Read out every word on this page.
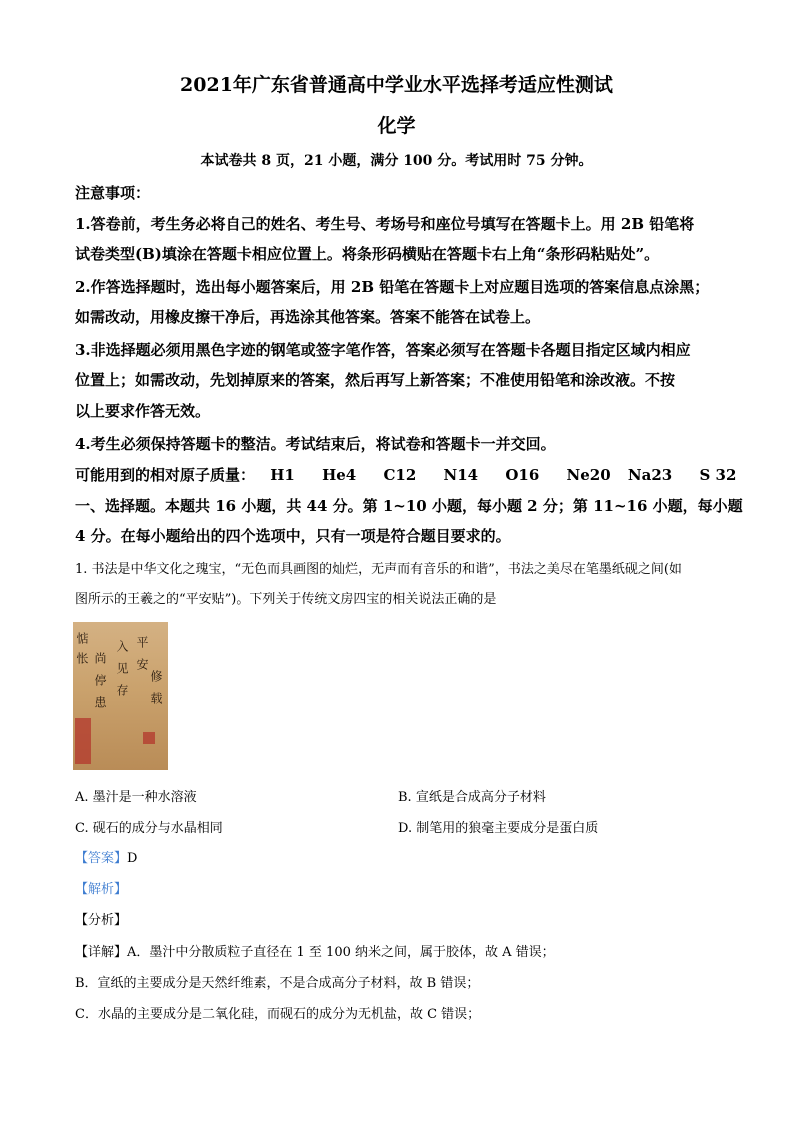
2021年广东省普通高中学业水平选择考适应性测试
化学
本试卷共 8 页，21 小题，满分 100 分。考试用时 75 分钟。
注意事项：
1.答卷前，考生务必将自己的姓名、考生号、考场号和座位号填写在答题卡上。用 2B 铅笔将
试卷类型(B)填涂在答题卡相应位置上。将条形码横贴在答题卡右上角“条形码粘贴处”。
2.作答选择题时，选出每小题答案后，用 2B 铅笔在答题卡上对应题目选项的答案信息点涂黑；
如需改动，用橡皮擦干净后，再选涂其他答案。答案不能答在试卷上。
3.非选择题必须用黑色字迹的钢笔或签字笔作答，答案必须写在答题卡各题目指定区域内相应
位置上；如需改动，先划掉原来的答案，然后再写上新答案；不准使用铅笔和涂改液。不按
以上要求作答无效。
4.考生必须保持答题卡的整洁。考试结束后，将试卷和答题卡一并交回。
可能用到的相对原子质量： H1 He4 C12 N14 O16 Ne20 Na23 S 32
一、选择题。本题共 16 小题，共 44 分。第 1~10 小题，每小题 2 分；第 11~16 小题，每小题
4 分。在每小题给出的四个选项中，只有一项是符合题目要求的。
1. 书法是中华文化之瑰宝，“无色而具画图的灿烂，无声而有音乐的和谐”，书法之美尽在笔墨纸砚之间(如
图所示的王羲之的“平安贴”)。下列关于传统文房四宝的相关说法正确的是
惦
怅 尚
停
患
入
见
存
平
安
修
载
A. 墨汁是一种水溶液	B. 宣纸是合成高分子材料
C. 砚石的成分与水晶相同	D. 制笔用的狼毫主要成分是蛋白质
【答案】D
【解析】
【分析】
【详解】A．墨汁中分散质粒子直径在 1 至 100 纳米之间，属于胶体，故 A 错误；
B．宣纸的主要成分是天然纤维素，不是合成高分子材料，故 B 错误；
C．水晶的主要成分是二氧化硅，而砚石的成分为无机盐，故 C 错误；
